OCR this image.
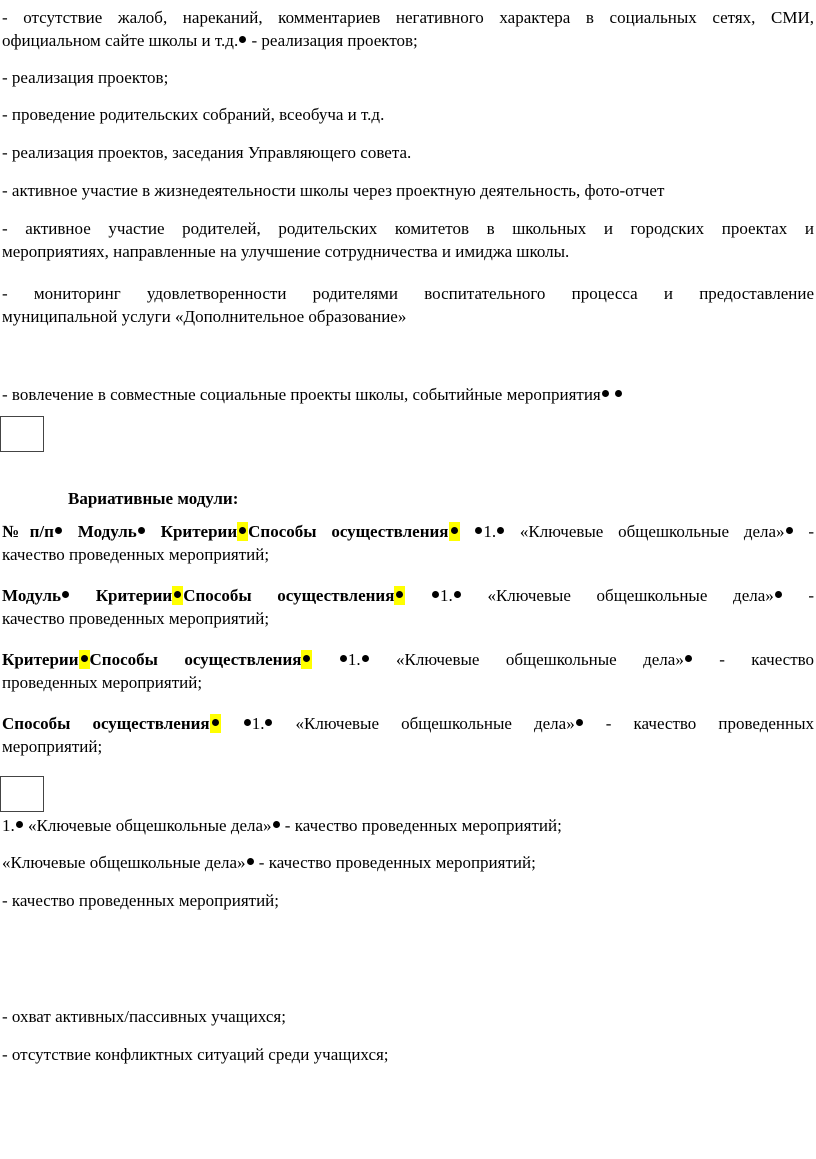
- отсутствие жалоб, нареканий, комментариев негативного характера в социальных сетях, СМИ,
официальном сайте школы и т.д. - реализация проектов;
- реализация проектов;
- проведение родительских собраний, всеобуча и т.д.
- реализация проектов, заседания Управляющего совета.
- активное участие в жизнедеятельности школы через проектную деятельность, фото-отчет
- активное участие родителей, родительских комитетов в школьных и городских проектах и
мероприятиях, направленные на улучшение сотрудничества и имиджа школы.
- мониторинг удовлетворенности родителями воспитательного процесса и предоставление
муниципальной услуги «Дополнительное образование»
- вовлечение в совместные социальные проекты школы, событийные мероприятия
Вариативные модули:
№п/п Модуль Критерии Способы осуществления 1. «Ключевые общешкольные дела» -
качество проведенных мероприятий;
Модуль Критерии Способы осуществления	1. «Ключевые общешкольные дела» -
качество проведенных мероприятий;
Критерии Способы осуществления	1. «Ключевые общешкольные дела» - качество
проведенных мероприятий;
Способы осуществления 1. «Ключевые общешкольные дела» - качество проведенных
мероприятий;
1. «Ключевые общешкольные дела» - качество проведенных мероприятий;
«Ключевые общешкольные дела» - качество проведенных мероприятий;
- качество проведенных мероприятий;
- охват активных/пассивных учащихся;
- отсутствие конфликтных ситуаций среди учащихся;
